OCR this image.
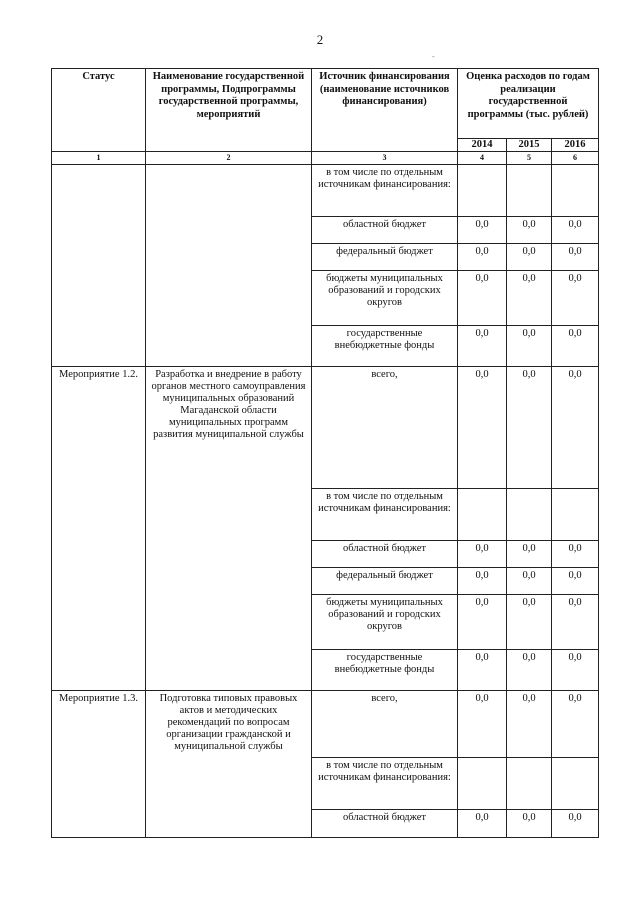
2
-
Статус	Наименование государственной программы, Подпрограммы государственной программы, мероприятий	Источник финансирования (наименование источников финансирования)	Оценка расходов по годам реализации государственной программы (тыс. рублей)		
			2014	2015	2016
1	2	3	4	5	6
		в том числе по отдельным источникам финансирования:			
		областной бюджет	0,0	0,0	0,0
		федеральный бюджет	0,0	0,0	0,0
		бюджеты муниципальных образований и городских округов	0,0	0,0	0,0
		государственные внебюджетные фонды	0,0	0,0	0,0
Мероприятие 1.2.	Разработка и внедрение в работу органов местного самоуправления муниципальных образований Магаданской области муниципальных программ развития муниципальной службы	всего,	0,0	0,0	0,0
		в том числе по отдельным источникам финансирования:			
		областной бюджет	0,0	0,0	0,0
		федеральный бюджет	0,0	0,0	0,0
		бюджеты муниципальных образований и городских округов	0,0	0,0	0,0
		государственные внебюджетные фонды	0,0	0,0	0,0
Мероприятие 1.3.	Подготовка типовых правовых актов и методических рекомендаций по вопросам организации гражданской и муниципальной службы	всего,	0,0	0,0	0,0
		в том числе по отдельным источникам финансирования:			
		областной бюджет	0,0	0,0	0,0
